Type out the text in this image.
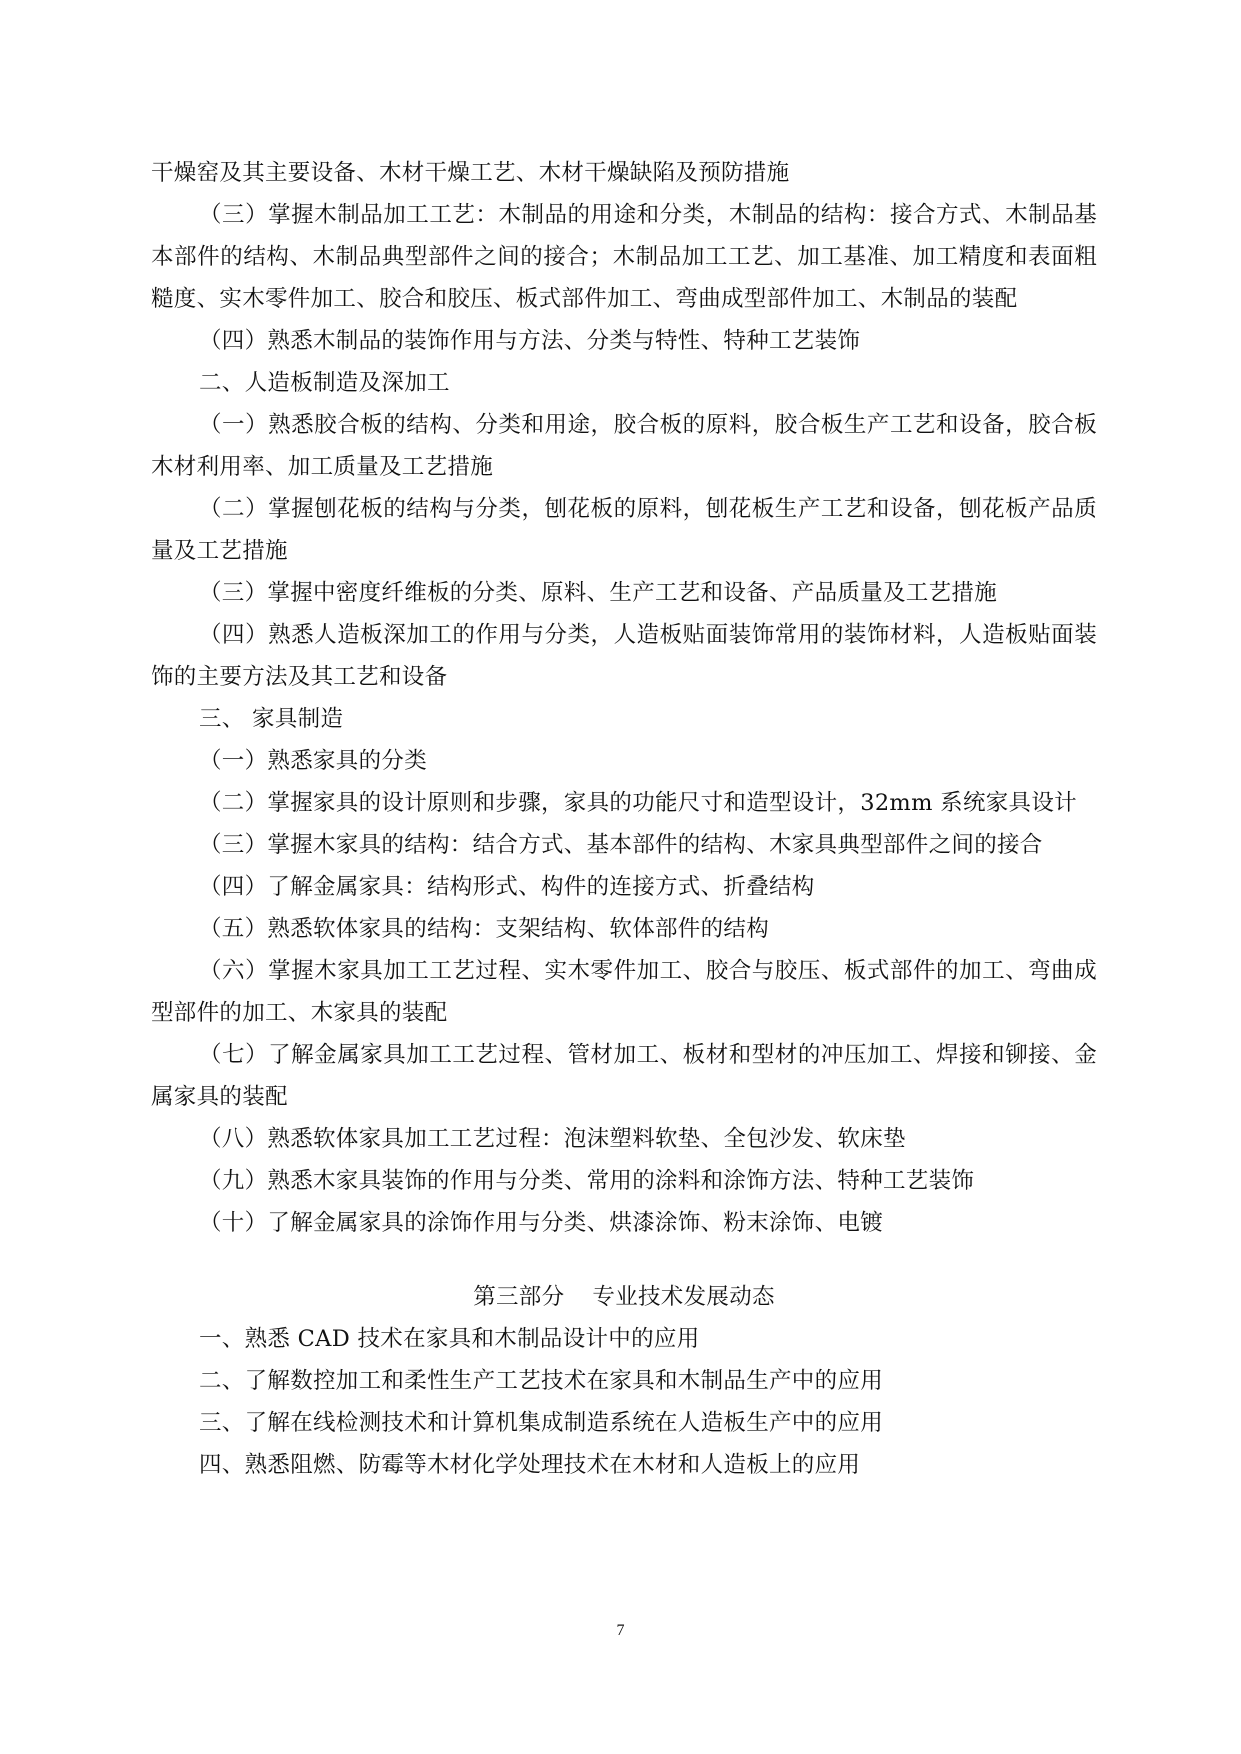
干燥窑及其主要设备、木材干燥工艺、木材干燥缺陷及预防措施

（三）掌握木制品加工工艺：木制品的用途和分类，木制品的结构：接合方式、木制品基本部件的结构、木制品典型部件之间的接合；木制品加工工艺、加工基准、加工精度和表面粗糙度、实木零件加工、胶合和胶压、板式部件加工、弯曲成型部件加工、木制品的装配

（四）熟悉木制品的装饰作用与方法、分类与特性、特种工艺装饰

二、人造板制造及深加工

（一）熟悉胶合板的结构、分类和用途，胶合板的原料，胶合板生产工艺和设备，胶合板木材利用率、加工质量及工艺措施

（二）掌握刨花板的结构与分类，刨花板的原料，刨花板生产工艺和设备，刨花板产品质量及工艺措施

（三）掌握中密度纤维板的分类、原料、生产工艺和设备、产品质量及工艺措施

（四）熟悉人造板深加工的作用与分类，人造板贴面装饰常用的装饰材料，人造板贴面装饰的主要方法及其工艺和设备

三、 家具制造

（一）熟悉家具的分类

（二）掌握家具的设计原则和步骤，家具的功能尺寸和造型设计，32mm 系统家具设计

（三）掌握木家具的结构：结合方式、基本部件的结构、木家具典型部件之间的接合

（四）了解金属家具：结构形式、构件的连接方式、折叠结构

（五）熟悉软体家具的结构：支架结构、软体部件的结构

（六）掌握木家具加工工艺过程、实木零件加工、胶合与胶压、板式部件的加工、弯曲成型部件的加工、木家具的装配

（七）了解金属家具加工工艺过程、管材加工、板材和型材的冲压加工、焊接和铆接、金属家具的装配

（八）熟悉软体家具加工工艺过程：泡沫塑料软垫、全包沙发、软床垫

（九）熟悉木家具装饰的作用与分类、常用的涂料和涂饰方法、特种工艺装饰

（十）了解金属家具的涂饰作用与分类、烘漆涂饰、粉末涂饰、电镀

第三部分 专业技术发展动态

一、熟悉 CAD 技术在家具和木制品设计中的应用

二、了解数控加工和柔性生产工艺技术在家具和木制品生产中的应用

三、了解在线检测技术和计算机集成制造系统在人造板生产中的应用

四、熟悉阻燃、防霉等木材化学处理技术在木材和人造板上的应用

7
